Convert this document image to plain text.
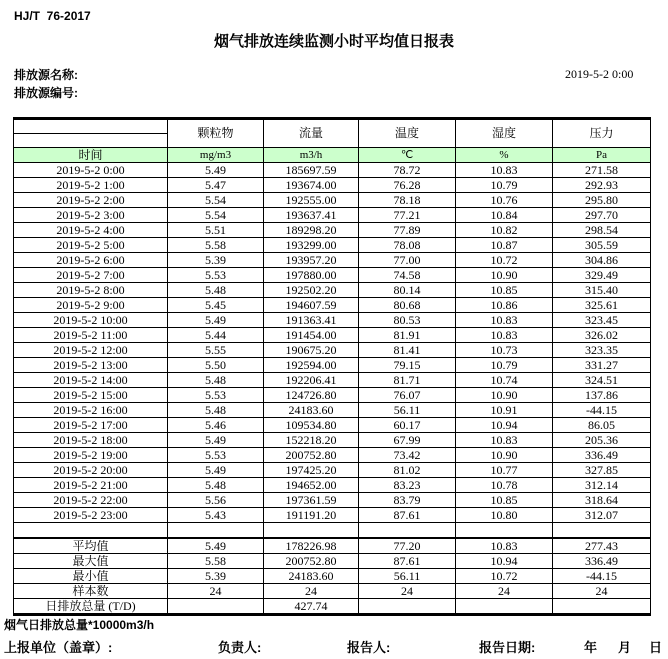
HJ/T  76-2017
烟气排放连续监测小时平均值日报表
排放源名称:
排放源编号:
2019-5-2 0:00
	颗粒物	流量	温度	湿度	压力

时间	mg/m3	m3/h	℃	%	Pa
2019-5-2 0:00	5.49	185697.59	78.72	10.83	271.58
2019-5-2 1:00	5.47	193674.00	76.28	10.79	292.93
2019-5-2 2:00	5.54	192555.00	78.18	10.76	295.80
2019-5-2 3:00	5.54	193637.41	77.21	10.84	297.70
2019-5-2 4:00	5.51	189298.20	77.89	10.82	298.54
2019-5-2 5:00	5.58	193299.00	78.08	10.87	305.59
2019-5-2 6:00	5.39	193957.20	77.00	10.72	304.86
2019-5-2 7:00	5.53	197880.00	74.58	10.90	329.49
2019-5-2 8:00	5.48	192502.20	80.14	10.85	315.40
2019-5-2 9:00	5.45	194607.59	80.68	10.86	325.61
2019-5-2 10:00	5.49	191363.41	80.53	10.83	323.45
2019-5-2 11:00	5.44	191454.00	81.91	10.83	326.02
2019-5-2 12:00	5.55	190675.20	81.41	10.73	323.35
2019-5-2 13:00	5.50	192594.00	79.15	10.79	331.27
2019-5-2 14:00	5.48	192206.41	81.71	10.74	324.51
2019-5-2 15:00	5.53	124726.80	76.07	10.90	137.86
2019-5-2 16:00	5.48	24183.60	56.11	10.91	-44.15
2019-5-2 17:00	5.46	109534.80	60.17	10.94	86.05
2019-5-2 18:00	5.49	152218.20	67.99	10.83	205.36
2019-5-2 19:00	5.53	200752.80	73.42	10.90	336.49
2019-5-2 20:00	5.49	197425.20	81.02	10.77	327.85
2019-5-2 21:00	5.48	194652.00	83.23	10.78	312.14
2019-5-2 22:00	5.56	197361.59	83.79	10.85	318.64
2019-5-2 23:00	5.43	191191.20	87.61	10.80	312.07

平均值	5.49	178226.98	77.20	10.83	277.43
最大值	5.58	200752.80	87.61	10.94	336.49
最小值	5.39	24183.60	56.11	10.72	-44.15
样本数	24	24	24	24	24
日排放总量 (T/D)		427.74			
烟气日排放总量*10000m3/h
上报单位（盖章）:	负责人:	报告人:	报告日期:	年 月 日
